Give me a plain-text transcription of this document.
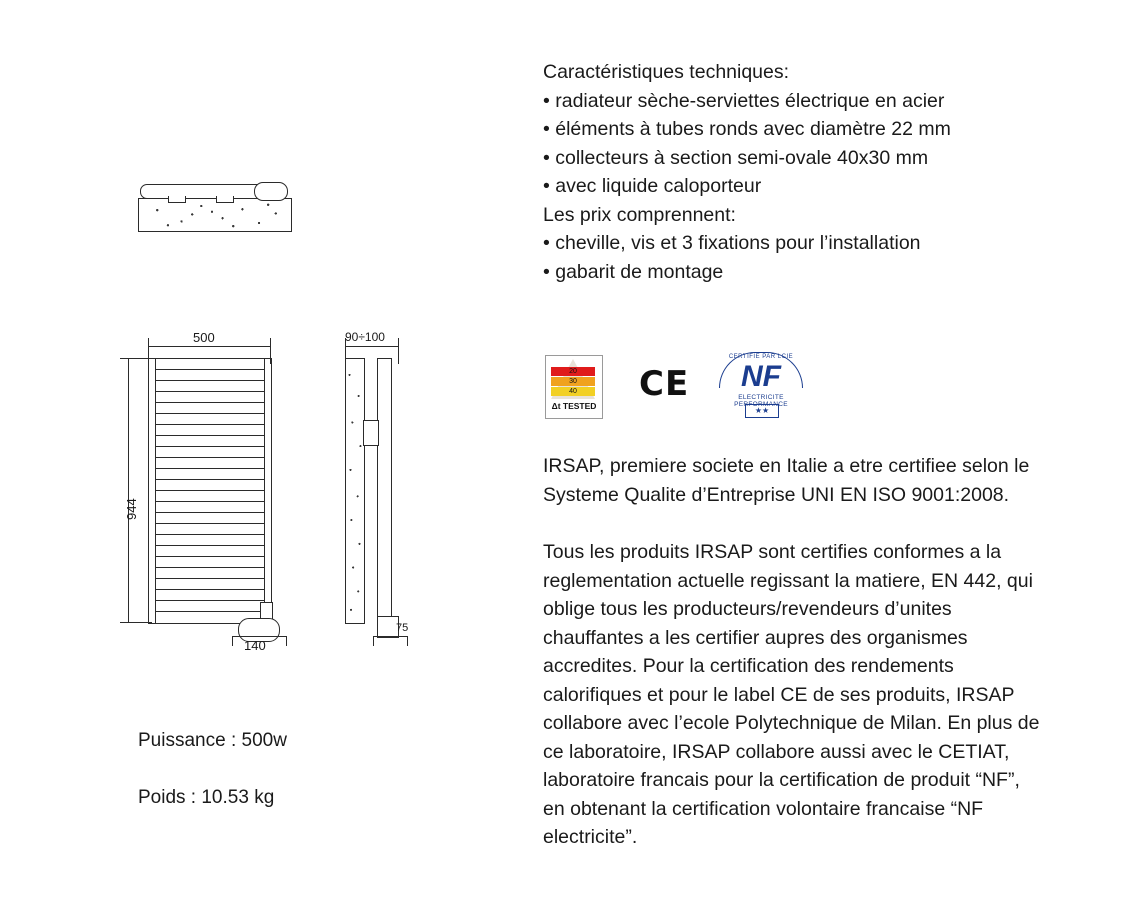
500
944
140
90÷100
75
Puissance : 500w
Poids : 10.53 kg
Caractéristiques techniques:
• radiateur sèche-serviettes électrique en acier
• éléments à tubes ronds avec diamètre 22 mm
• collecteurs à section semi-ovale 40x30 mm
• avec liquide caloporteur
Les prix comprennent:
• cheville, vis et 3 fixations pour l’installation
• gabarit de montage
20
30
40
Δt TESTED
CE
CERTIFIE PAR LCIE
NF
ELECTRICITE PERFORMANCE
★★
IRSAP, premiere societe en Italie a etre certifiee selon le
Systeme Qualite d’Entreprise UNI EN ISO 9001:2008.
Tous les produits IRSAP sont certifies conformes a la
reglementation actuelle regissant la matiere, EN 442, qui
oblige tous les producteurs/revendeurs d’unites
chauffantes a les certifier aupres des organismes
accredites. Pour la certification des rendements
calorifiques et pour le label CE de ses produits, IRSAP
collabore avec l’ecole Polytechnique de Milan. En plus de
ce laboratoire, IRSAP collabore aussi avec le CETIAT,
laboratoire francais pour la certification de produit “NF”,
en obtenant la certification volontaire francaise “NF
electricite”.
